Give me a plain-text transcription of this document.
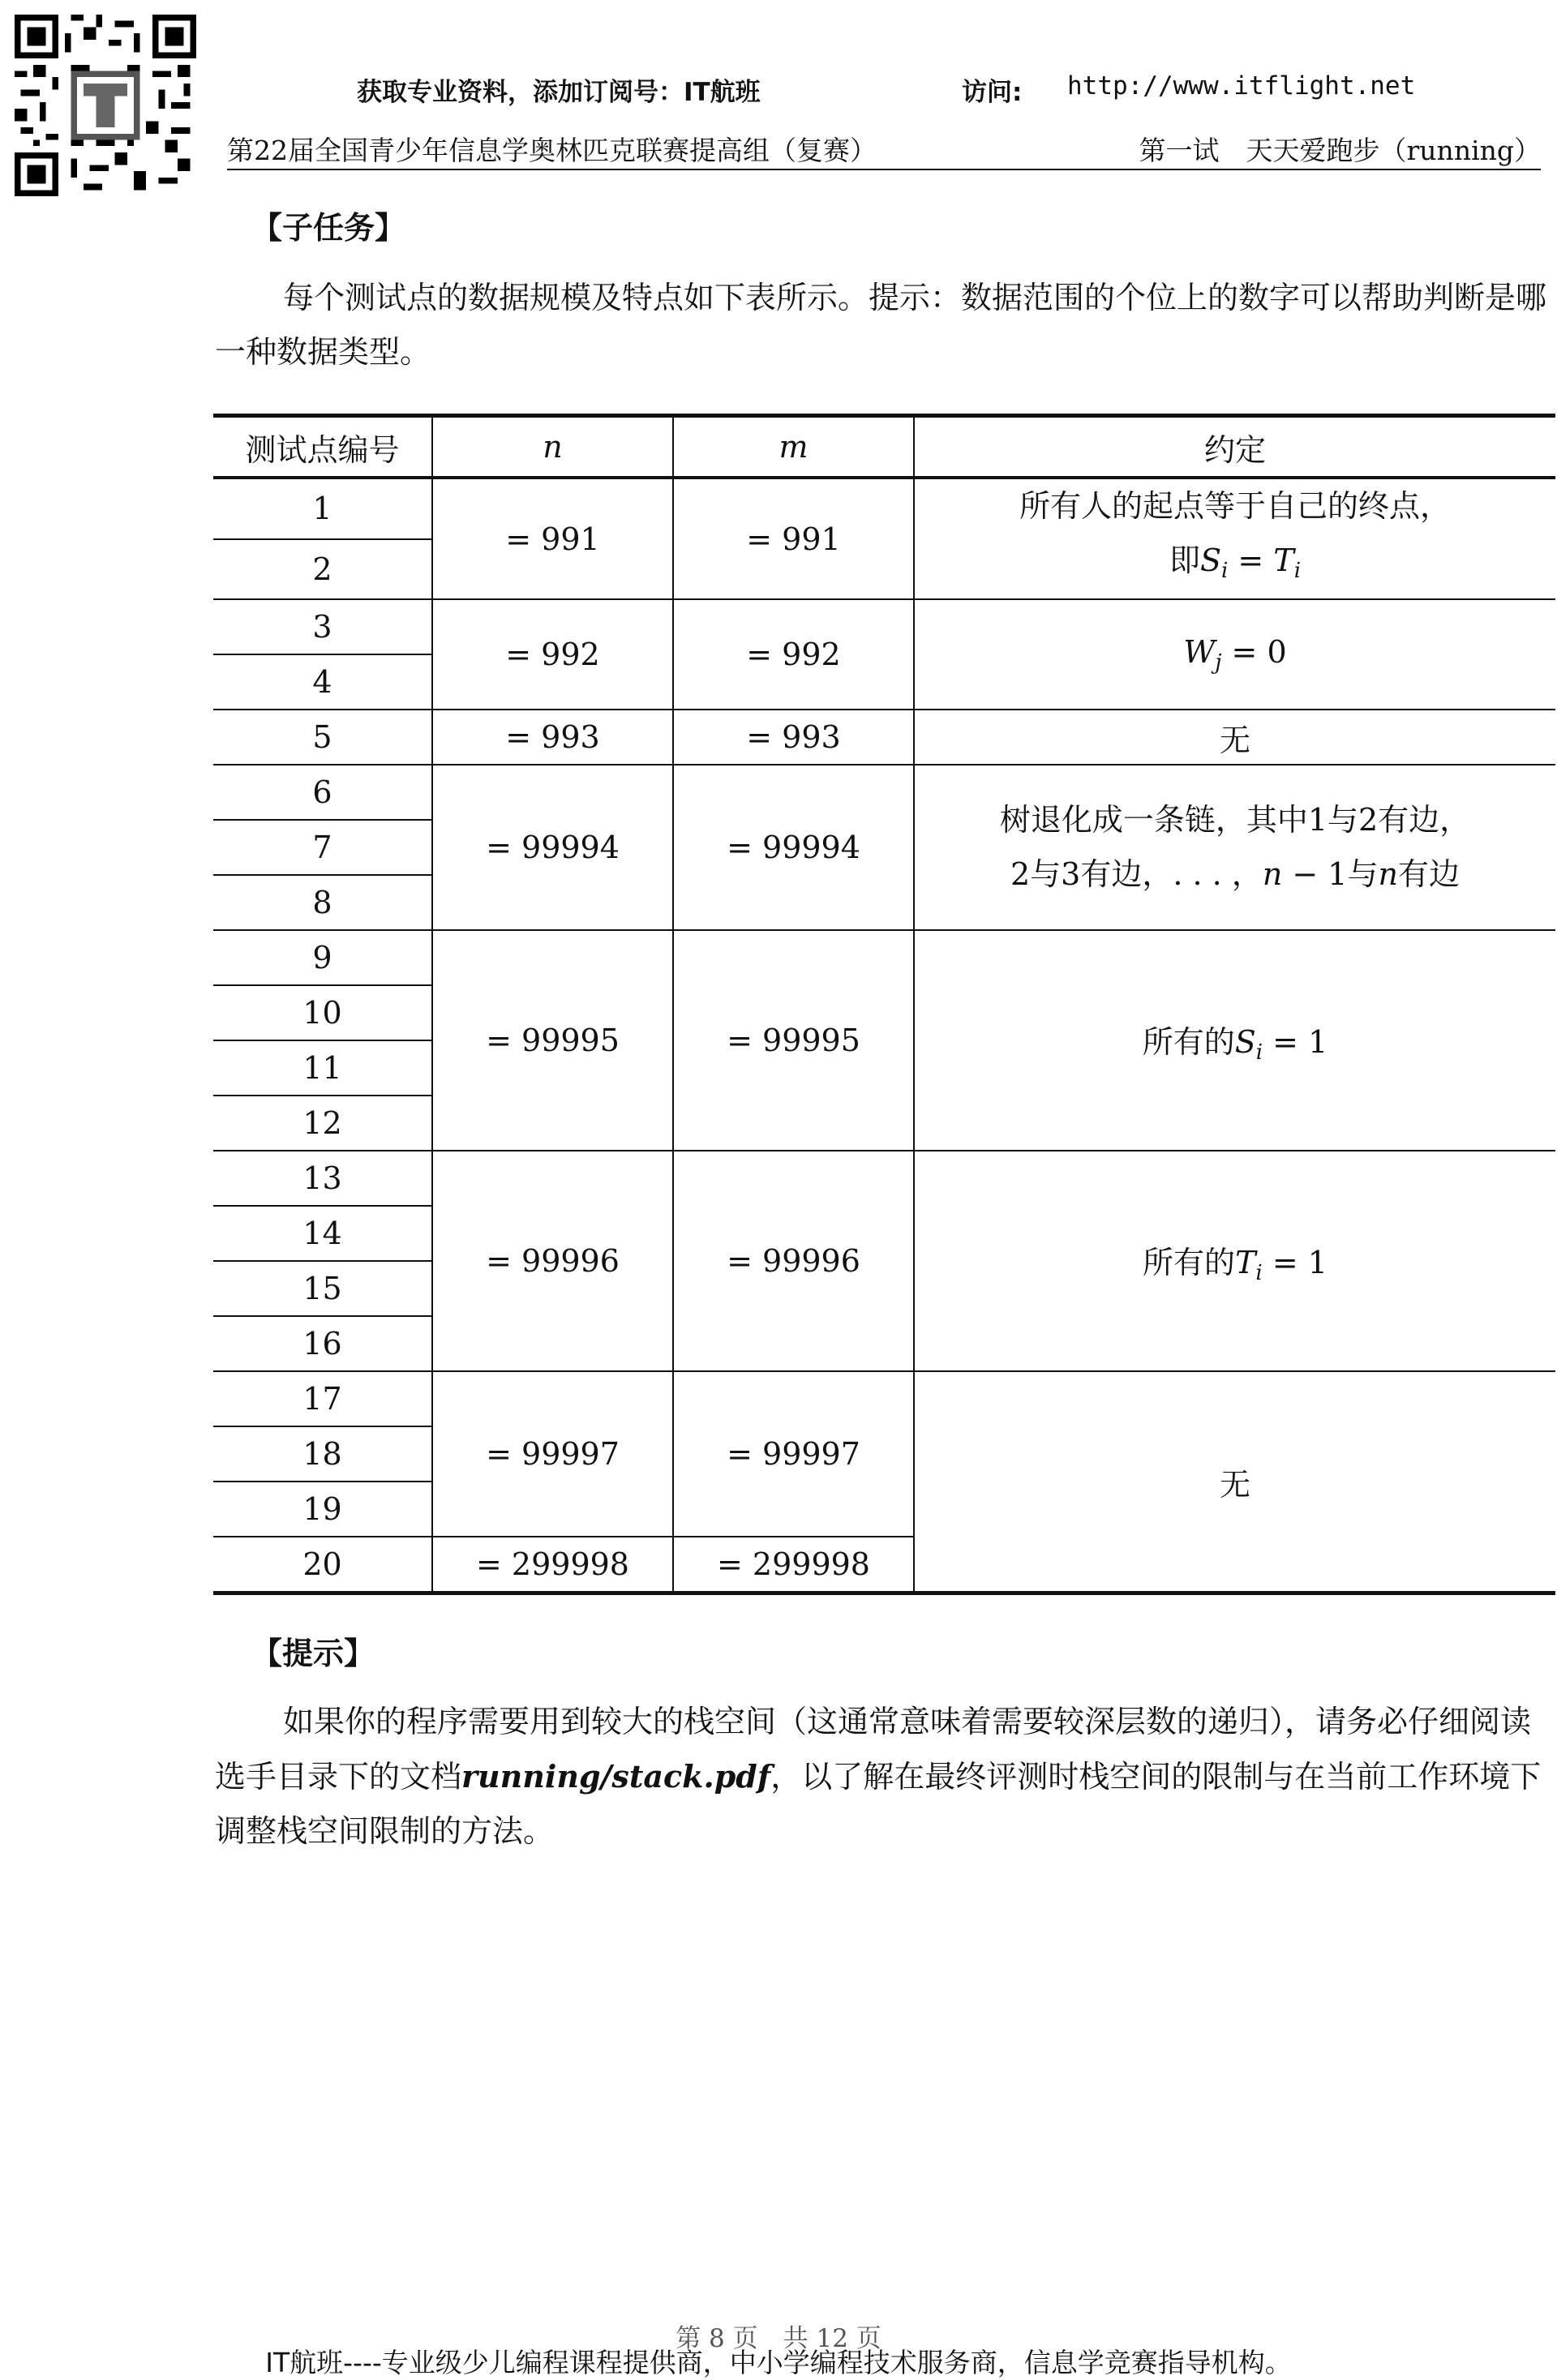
获取专业资料，添加订阅号：IT航班	访问: http://www.itflight.net
第22届全国青少年信息学奥林匹克联赛提高组（复赛）	第一试　天天爱跑步（running）
【子任务】
每个测试点的数据规模及特点如下表所示。提示：数据范围的个位上的数字可以帮助判断是哪一种数据类型。
测试点编号	n	m	约定
1	= 991	= 991	所有人的起点等于自己的终点，
即$S_i = T_i$
2			
3	= 992	= 992	$W_j = 0$
4			
5	= 993	= 993	无
6	= 99994	= 99994	树退化成一条链，其中1与2有边，
2与3有边，. . . ，n − 1与n有边
7			
8			
9	= 99995	= 99995	所有的$S_i = 1$
10			
11			
12			
13	= 99996	= 99996	所有的$T_i = 1$
14			
15			
16			
17	= 99997	= 99997	无
18			
19			
20	= 299998	= 299998	
【提示】
如果你的程序需要用到较大的栈空间（这通常意味着需要较深层数的递归），请务必仔细阅读选手目录下的文档running/stack.pdf，以了解在最终评测时栈空间的限制与在当前工作环境下调整栈空间限制的方法。
第 8 页　共 12 页
IT航班----专业级少儿编程课程提供商，中小学编程技术服务商，信息学竞赛指导机构。
